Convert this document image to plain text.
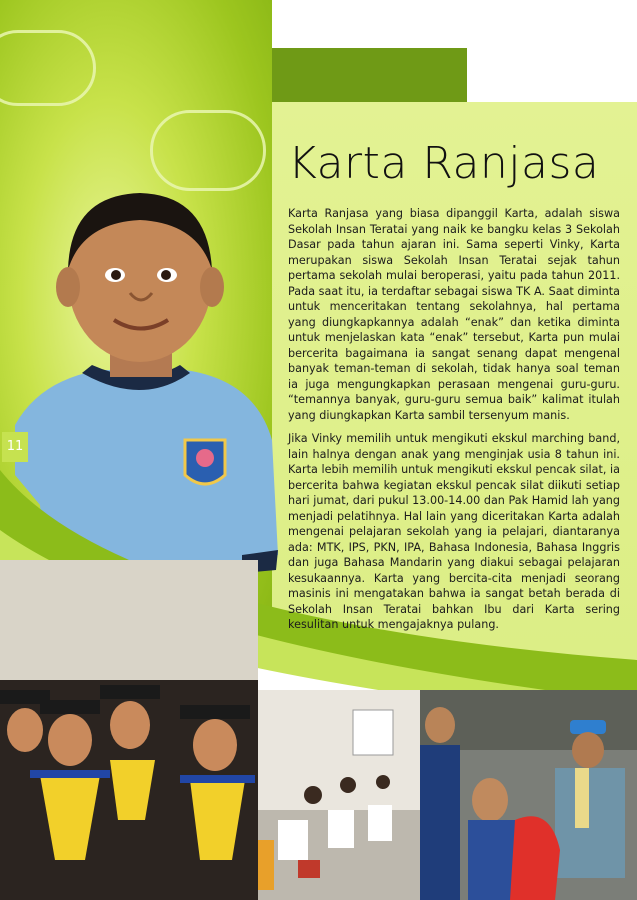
11
Karta Ranjasa

Karta Ranjasa yang biasa dipanggil Karta, adalah siswa Sekolah Insan Teratai yang naik ke bangku kelas 3 Sekolah Dasar pada tahun ajaran ini. Sama seperti Vinky, Karta merupakan siswa Sekolah Insan Teratai sejak tahun pertama sekolah mulai beroperasi, yaitu pada tahun 2011. Pada saat itu, ia terdaftar sebagai siswa TK A. Saat diminta untuk menceritakan tentang sekolahnya, hal pertama yang diungkapkannya adalah “enak” dan ketika diminta untuk menjelaskan kata “enak” tersebut, Karta pun mulai bercerita bagaimana ia sangat senang dapat mengenal banyak teman-teman di sekolah, tidak hanya soal teman ia juga mengungkapkan perasaan mengenai guru-guru. “temannya banyak, guru-guru semua baik” kalimat itulah yang diungkapkan Karta sambil tersenyum manis.

Jika Vinky memilih untuk mengikuti ekskul marching band, lain halnya dengan anak yang menginjak usia 8 tahun ini. Karta lebih memilih untuk mengikuti ekskul pencak silat, ia bercerita bahwa kegiatan ekskul pencak silat diikuti setiap hari jumat, dari pukul 13.00-14.00 dan Pak Hamid lah yang menjadi pelatihnya. Hal lain yang diceritakan Karta adalah mengenai pelajaran sekolah yang ia pelajari, diantaranya ada: MTK, IPS, PKN, IPA, Bahasa Indonesia, Bahasa Inggris dan juga Bahasa Mandarin yang diakui sebagai pelajaran kesukaannya. Karta yang bercita-cita menjadi seorang masinis ini mengatakan bahwa ia sangat betah berada di Sekolah Insan Teratai bahkan Ibu dari Karta sering kesulitan untuk mengajaknya pulang.
